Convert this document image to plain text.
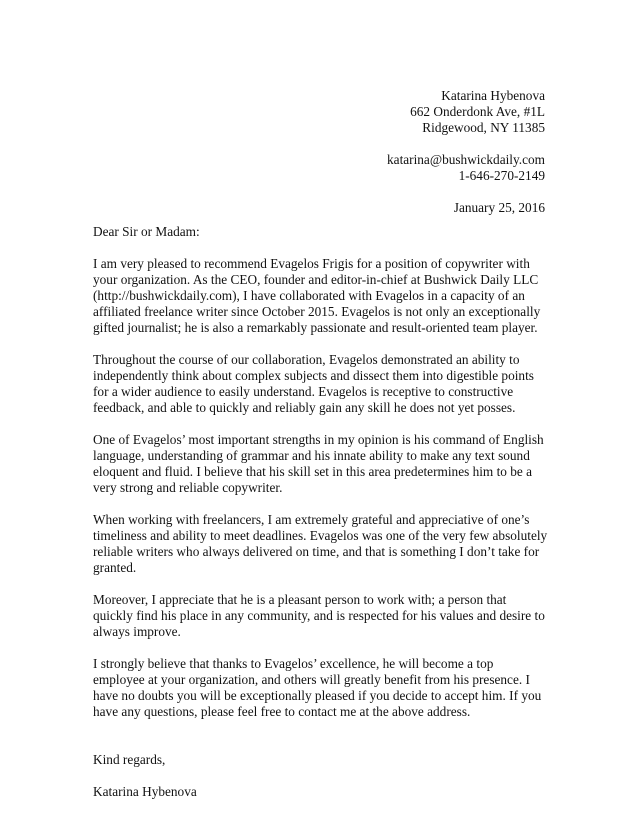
Katarina Hybenova
662 Onderdonk Ave, #1L
Ridgewood, NY 11385
katarina@bushwickdaily.com
1-646-270-2149
January 25, 2016

Dear Sir or Madam:

I am very pleased to recommend Evagelos Frigis for a position of copywriter with your organization. As the CEO, founder and editor-in-chief at Bushwick Daily LLC (http://bushwickdaily.com), I have collaborated with Evagelos in a capacity of an affiliated freelance writer since October 2015. Evagelos is not only an exceptionally gifted journalist; he is also a remarkably passionate and result-oriented team player.

Throughout the course of our collaboration, Evagelos demonstrated an ability to independently think about complex subjects and dissect them into digestible points for a wider audience to easily understand. Evagelos is receptive to constructive feedback, and able to quickly and reliably gain any skill he does not yet posses.

One of Evagelos’ most important strengths in my opinion is his command of English language, understanding of grammar and his innate ability to make any text sound eloquent and fluid. I believe that his skill set in this area predetermines him to be a very strong and reliable copywriter.

When working with freelancers, I am extremely grateful and appreciative of one’s timeliness and ability to meet deadlines. Evagelos was one of the very few absolutely reliable writers who always delivered on time, and that is something I don’t take for granted.

Moreover, I appreciate that he is a pleasant person to work with; a person that quickly find his place in any community, and is respected for his values and desire to always improve.

I strongly believe that thanks to Evagelos’ excellence, he will become a top employee at your organization, and others will greatly benefit from his presence. I have no doubts you will be exceptionally pleased if you decide to accept him. If you have any questions, please feel free to contact me at the above address.

Kind regards,

Katarina Hybenova
